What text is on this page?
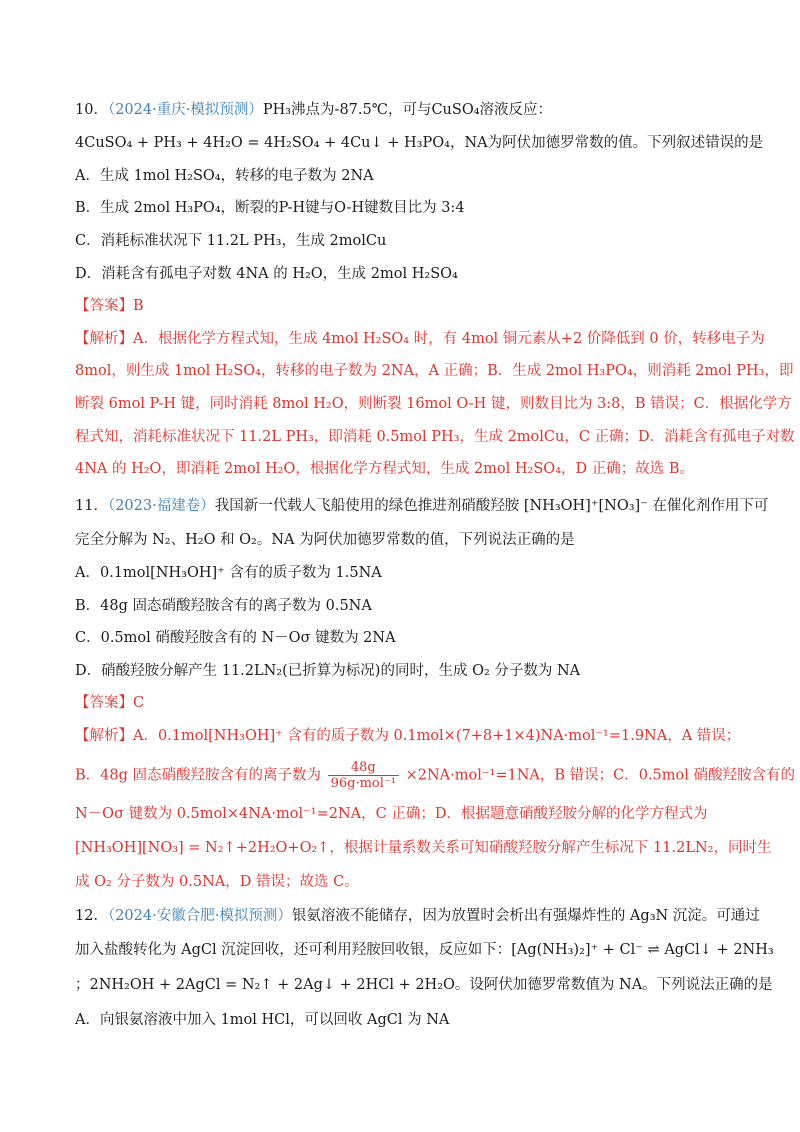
10．（2024·重庆·模拟预测）PH₃沸点为-87.5℃，可与CuSO₄溶液反应：
4CuSO₄ + PH₃ + 4H₂O = 4H₂SO₄ + 4Cu↓ + H₃PO₄，NA为阿伏加德罗常数的值。下列叙述错误的是
A．生成 1mol H₂SO₄，转移的电子数为 2NA
B．生成 2mol H₃PO₄，断裂的P-H键与O-H键数目比为 3:4
C．消耗标准状况下 11.2L PH₃，生成 2molCu
D．消耗含有孤电子对数 4NA 的 H₂O，生成 2mol H₂SO₄
【答案】B
【解析】A．根据化学方程式知，生成 4mol H₂SO₄ 时，有 4mol 铜元素从+2 价降低到 0 价，转移电子为
8mol，则生成 1mol H₂SO₄，转移的电子数为 2NA，A 正确；B．生成 2mol H₃PO₄，则消耗 2mol PH₃，即
断裂 6mol P-H 键，同时消耗 8mol H₂O，则断裂 16mol O-H 键，则数目比为 3:8，B 错误；C．根据化学方
程式知，消耗标准状况下 11.2L PH₃，即消耗 0.5mol PH₃，生成 2molCu，C 正确；D．消耗含有孤电子对数
4NA 的 H₂O，即消耗 2mol H₂O，根据化学方程式知，生成 2mol H₂SO₄，D 正确；故选 B。
11．（2023·福建卷）我国新一代载人飞船使用的绿色推进剂硝酸羟胺 [NH₃OH]⁺[NO₃]⁻ 在催化剂作用下可
完全分解为 N₂、H₂O 和 O₂。NA 为阿伏加德罗常数的值，下列说法正确的是
A．0.1mol[NH₃OH]⁺ 含有的质子数为 1.5NA
B．48g 固态硝酸羟胺含有的离子数为 0.5NA
C．0.5mol 硝酸羟胺含有的 N－Oσ 键数为 2NA
D．硝酸羟胺分解产生 11.2LN₂(已折算为标况)的同时，生成 O₂ 分子数为 NA
【答案】C
【解析】A．0.1mol[NH₃OH]⁺ 含有的质子数为 0.1mol×(7+8+1×4)NA·mol⁻¹=1.9NA，A 错误；
B．48g 固态硝酸羟胺含有的离子数为 $\frac{48g}{\text{96g·mol⁻¹}} \times 2NA\cdot mol^{-1}=1NA$，B 错误；C．0.5mol 硝酸羟胺含有的
N－Oσ 键数为 0.5mol×4NA·mol⁻¹=2NA，C 正确；D．根据题意硝酸羟胺分解的化学方程式为
[NH₃OH][NO₃] = N₂↑+2H₂O+O₂↑，根据计量系数关系可知硝酸羟胺分解产生标况下 11.2LN₂，同时生
成 O₂ 分子数为 0.5NA，D 错误；故选 C。
12．（2024·安徽合肥·模拟预测）银氨溶液不能储存，因为放置时会析出有强爆炸性的 Ag₃N 沉淀。可通过
加入盐酸转化为 AgCl 沉淀回收，还可利用羟胺回收银，反应如下：[Ag(NH₃)₂]⁺ + Cl⁻ ⇌ AgCl↓ + 2NH₃
；2NH₂OH + 2AgCl = N₂↑ + 2Ag↓ + 2HCl + 2H₂O。设阿伏加德罗常数值为 NA。下列说法正确的是
A．向银氨溶液中加入 1mol HCl，可以回收 AgCl 为 NA
